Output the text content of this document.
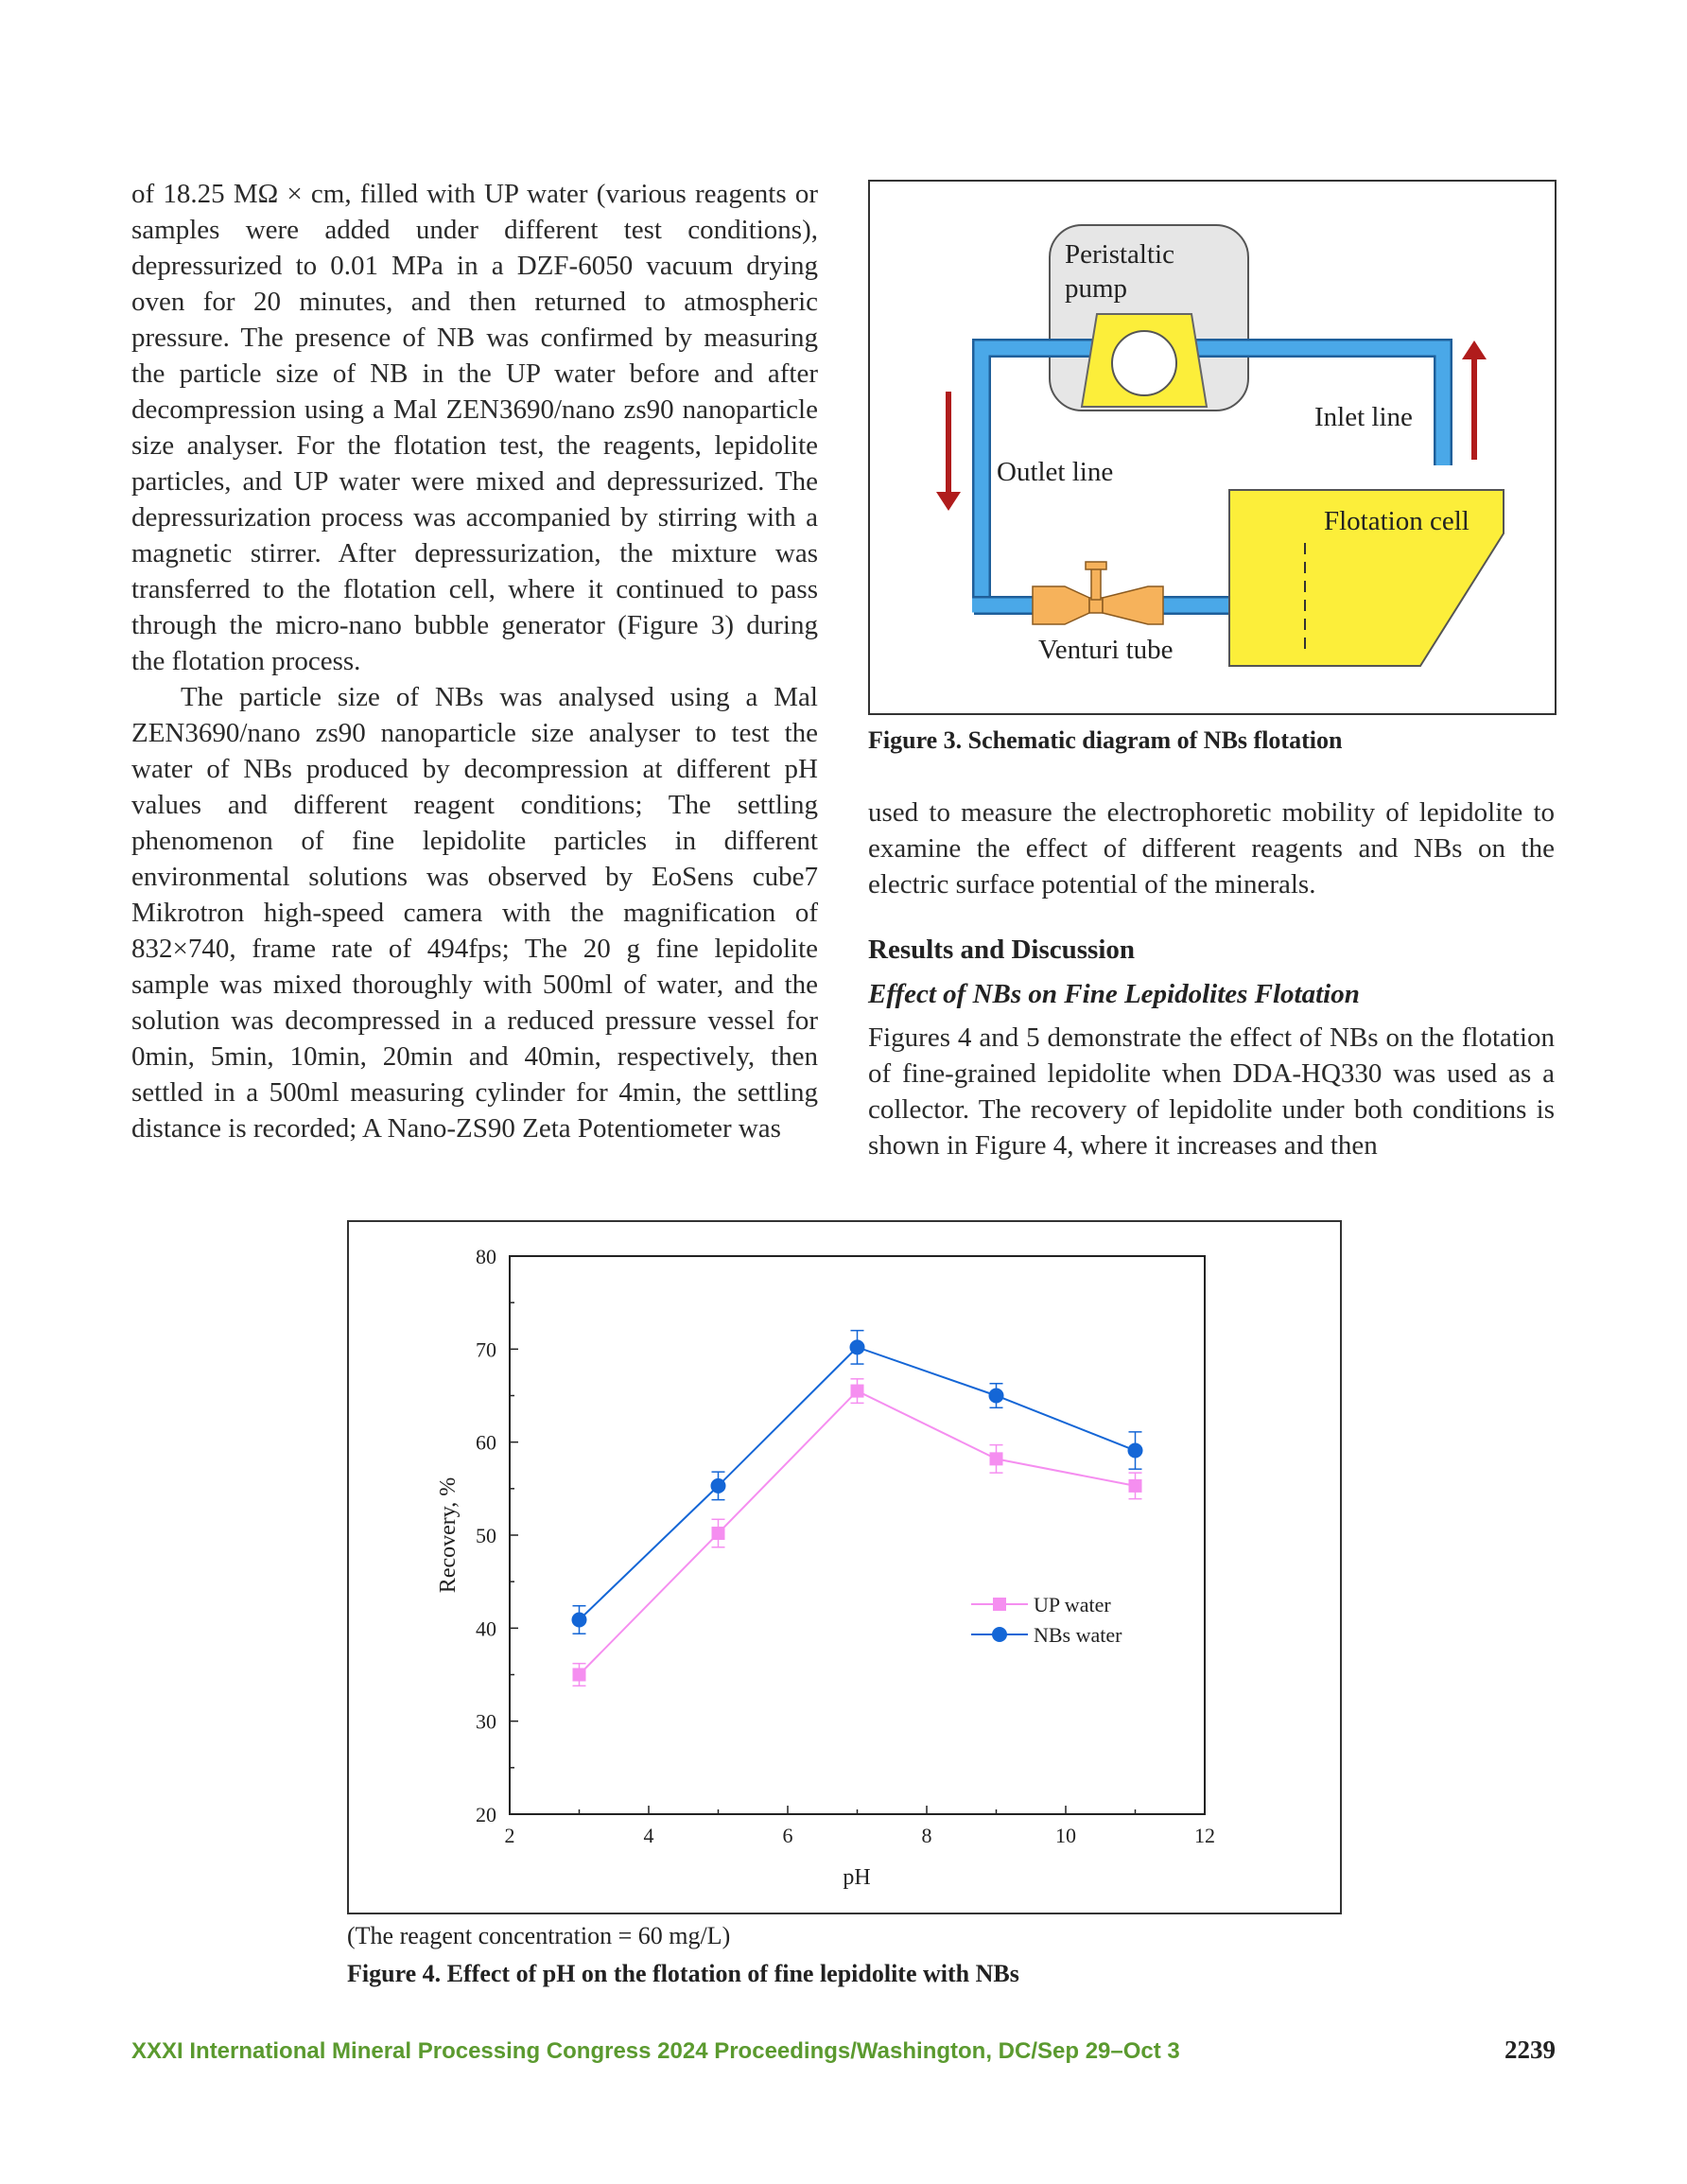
of 18.25 MΩ × cm, filled with UP water (various reagents or samples were added under different test conditions), depressurized to 0.01 MPa in a DZF-6050 vacuum drying oven for 20 minutes, and then returned to atmospheric pressure. The presence of NB was confirmed by measuring the particle size of NB in the UP water before and after decompression using a Mal ZEN3690/nano zs90 nanoparticle size analyser. For the flotation test, the reagents, lepidolite particles, and UP water were mixed and depressurized. The depressurization process was accompanied by stirring with a magnetic stirrer. After depressurization, the mixture was transferred to the flotation cell, where it continued to pass through the micro-nano bubble generator (Figure 3) during the flotation process.

The particle size of NBs was analysed using a Mal ZEN3690/nano zs90 nanoparticle size analyser to test the water of NBs produced by decompression at different pH values and different reagent conditions; The settling phenomenon of fine lepidolite particles in different environmental solutions was observed by EoSens cube7 Mikrotron high-speed camera with the magnification of 832×740, frame rate of 494fps; The 20 g fine lepidolite sample was mixed thoroughly with 500ml of water, and the solution was decompressed in a reduced pressure vessel for 0min, 5min, 10min, 20min and 40min, respectively, then settled in a 500ml measuring cylinder for 4min, the settling distance is recorded; A Nano-ZS90 Zeta Potentiometer was

Peristaltic
pump
Flotation cell
Venturi tube
Inlet line
Outlet line
Figure 3. Schematic diagram of NBs flotation

used to measure the electrophoretic mobility of lepidolite to examine the effect of different reagents and NBs on the electric surface potential of the minerals.

Results and Discussion
Effect of NBs on Fine Lepidolites Flotation

Figures 4 and 5 demonstrate the effect of NBs on the flotation of fine-grained lepidolite when DDA-HQ330 was used as a collector. The recovery of lepidolite under both conditions is shown in Figure 4, where it increases and then

2	4	6	8	10	12
20
30
40
50
60
70
80
UP water
NBs water
pH
Recovery, %
(The reagent concentration = 60 mg/L)
Figure 4. Effect of pH on the flotation of fine lepidolite with NBs
XXXI International Mineral Processing Congress 2024 Proceedings/Washington, DC/Sep 29–Oct 3	2239
